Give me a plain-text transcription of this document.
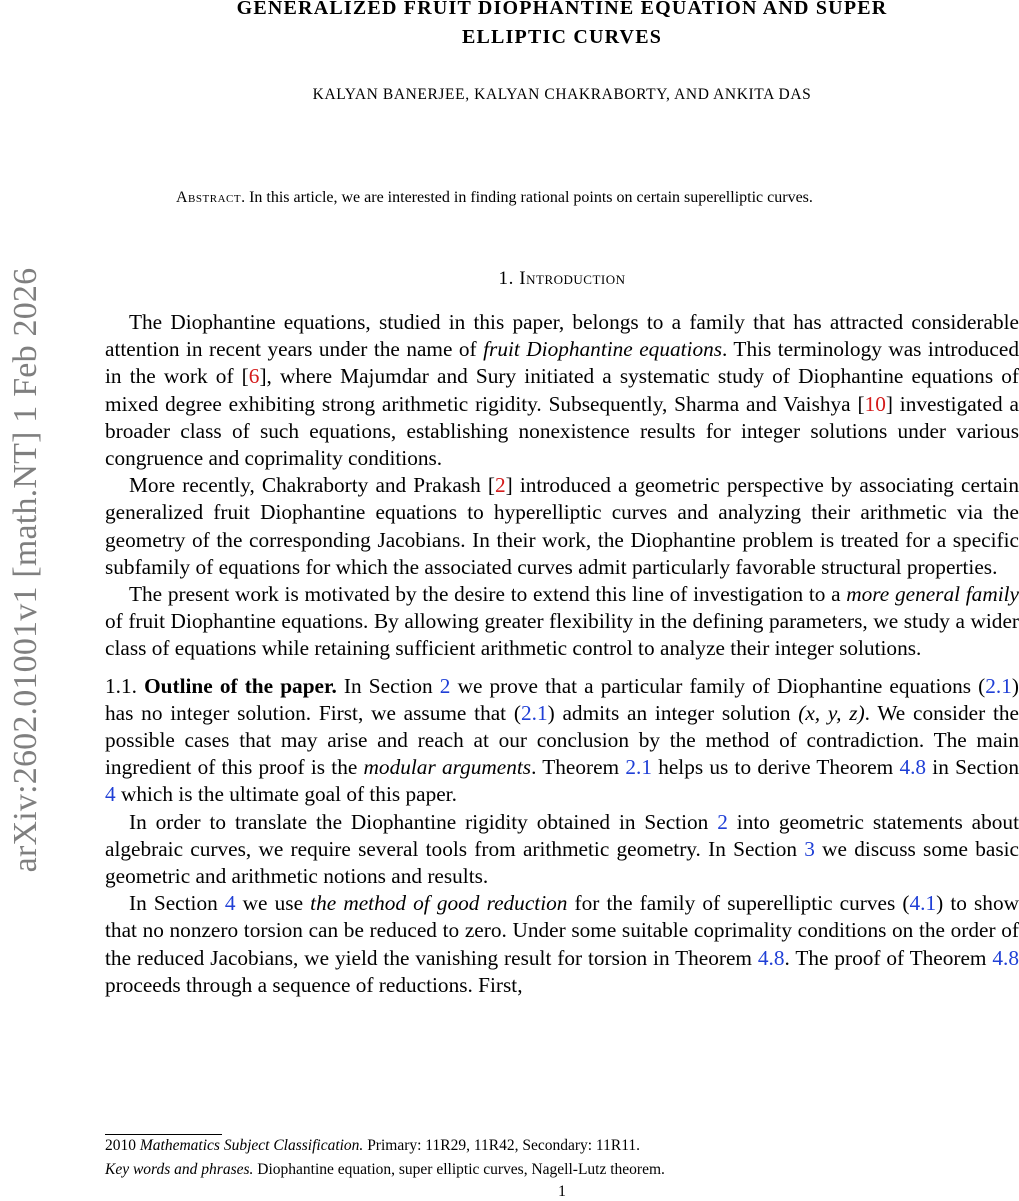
arXiv:2602.01001v1 [math.NT] 1 Feb 2026
GENERALIZED FRUIT DIOPHANTINE EQUATION AND SUPER
ELLIPTIC CURVES
KALYAN BANERJEE, KALYAN CHAKRABORTY, AND ANKITA DAS
Abstract. In this article, we are interested in finding rational points on certain superelliptic curves.
1. Introduction

The Diophantine equations, studied in this paper, belongs to a family that has attracted considerable attention in recent years under the name of fruit Diophantine equations. This terminology was introduced in the work of [6], where Majumdar and Sury initiated a systematic study of Diophantine equations of mixed degree exhibiting strong arithmetic rigidity. Subsequently, Sharma and Vaishya [10] investigated a broader class of such equations, establishing nonexistence results for integer solutions under various congruence and coprimality conditions.

More recently, Chakraborty and Prakash [2] introduced a geometric perspective by associating certain generalized fruit Diophantine equations to hyperelliptic curves and analyzing their arithmetic via the geometry of the corresponding Jacobians. In their work, the Diophantine problem is treated for a specific subfamily of equations for which the associated curves admit particularly favorable structural properties.

The present work is motivated by the desire to extend this line of investigation to a more general family of fruit Diophantine equations. By allowing greater flexibility in the defining parameters, we study a wider class of equations while retaining sufficient arithmetic control to analyze their integer solutions.

1.1. Outline of the paper. In Section 2 we prove that a particular family of Diophantine equations (2.1) has no integer solution. First, we assume that (2.1) admits an integer solution (x, y, z). We consider the possible cases that may arise and reach at our conclusion by the method of contradiction. The main ingredient of this proof is the modular arguments. Theorem 2.1 helps us to derive Theorem 4.8 in Section 4 which is the ultimate goal of this paper.

In order to translate the Diophantine rigidity obtained in Section 2 into geometric statements about algebraic curves, we require several tools from arithmetic geometry. In Section 3 we discuss some basic geometric and arithmetic notions and results.

In Section 4 we use the method of good reduction for the family of superelliptic curves (4.1) to show that no nonzero torsion can be reduced to zero. Under some suitable coprimality conditions on the order of the reduced Jacobians, we yield the vanishing result for torsion in Theorem 4.8. The proof of Theorem 4.8 proceeds through a sequence of reductions. First,

2010 Mathematics Subject Classification. Primary: 11R29, 11R42, Secondary: 11R11.
Key words and phrases. Diophantine equation, super elliptic curves, Nagell-Lutz theorem.
1
